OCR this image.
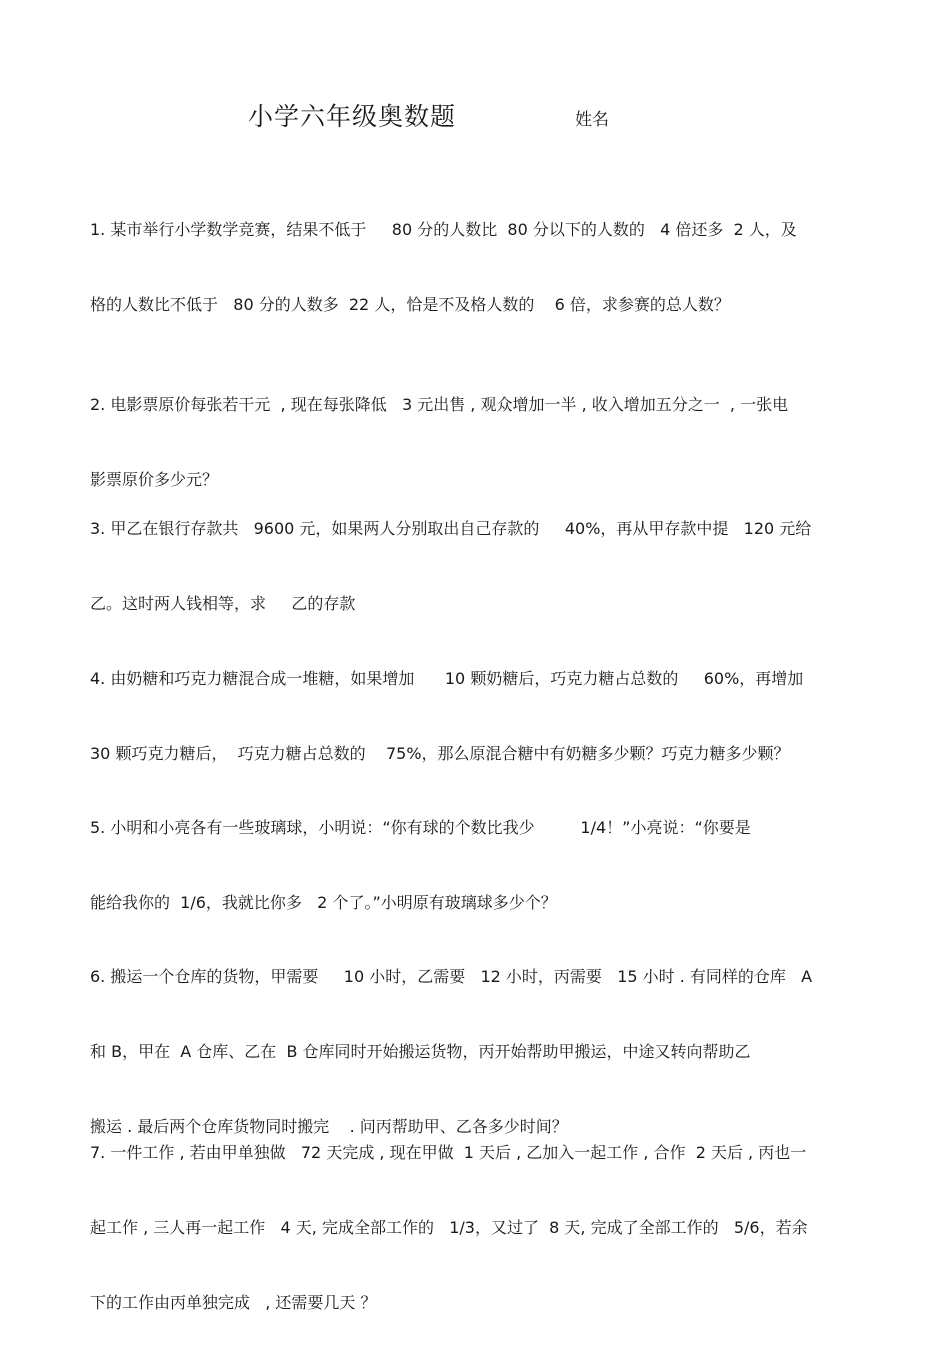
小学六年级奥数题	姓名

1. 某市举行小学数学竞赛，结果不低于     80 分的人数比  80 分以下的人数的   4 倍还多  2 人，及

格的人数比不低于   80 分的人数多  22 人，恰是不及格人数的    6 倍，求参赛的总人数？

2. 电影票原价每张若干元  , 现在每张降低   3 元出售 , 观众增加一半 , 收入增加五分之一  , 一张电

影票原价多少元？

3. 甲乙在银行存款共   9600 元，如果两人分别取出自己存款的     40%，再从甲存款中提   120 元给

乙。这时两人钱相等，求     乙的存款

4. 由奶糖和巧克力糖混合成一堆糖，如果增加      10 颗奶糖后，巧克力糖占总数的     60%，再增加

30 颗巧克力糖后，  巧克力糖占总数的    75%，那么原混合糖中有奶糖多少颗？巧克力糖多少颗？

5. 小明和小亮各有一些玻璃球，小明说：“你有球的个数比我少         1/4！”小亮说：“你要是

能给我你的  1/6，我就比你多   2 个了。”小明原有玻璃球多少个？

6. 搬运一个仓库的货物，甲需要     10 小时，乙需要   12 小时，丙需要   15 小时 . 有同样的仓库   A

和 B，甲在  A 仓库、乙在  B 仓库同时开始搬运货物，丙开始帮助甲搬运，中途又转向帮助乙

搬运 . 最后两个仓库货物同时搬完    . 问丙帮助甲、乙各多少时间？

7. 一件工作 , 若由甲单独做   72 天完成 , 现在甲做  1 天后 , 乙加入一起工作 , 合作  2 天后 , 丙也一

起工作 , 三人再一起工作   4 天, 完成全部工作的   1/3，又过了  8 天, 完成了全部工作的   5/6，若余

下的工作由丙单独完成   , 还需要几天 ？
